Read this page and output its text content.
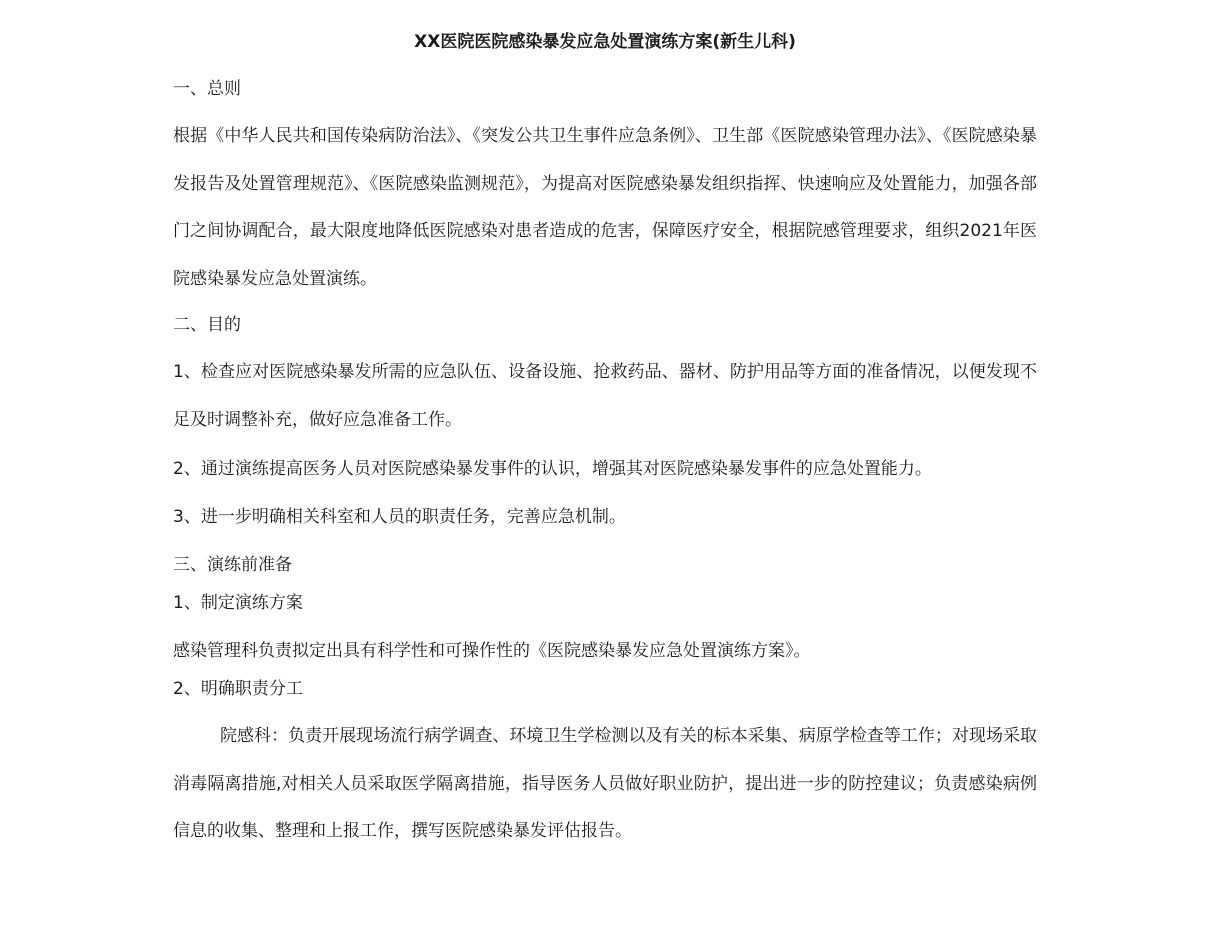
XX医院医院感染暴发应急处置演练方案(新生儿科)

一、总则

根据《中华人民共和国传染病防治法》、《突发公共卫生事件应急条例》、卫生部《医院感染管理办法》、《医院感染暴发报告及处置管理规范》、《医院感染监测规范》，为提高对医院感染暴发组织指挥、快速响应及处置能力，加强各部门之间协调配合，最大限度地降低医院感染对患者造成的危害，保障医疗安全，根据院感管理要求，组织2021年医院感染暴发应急处置演练。

二、目的

1、检查应对医院感染暴发所需的应急队伍、设备设施、抢救药品、器材、防护用品等方面的准备情况，以便发现不足及时调整补充，做好应急准备工作。

2、通过演练提高医务人员对医院感染暴发事件的认识，增强其对医院感染暴发事件的应急处置能力。

3、进一步明确相关科室和人员的职责任务，完善应急机制。

三、演练前准备

1、制定演练方案

感染管理科负责拟定出具有科学性和可操作性的《医院感染暴发应急处置演练方案》。

2、明确职责分工

院感科：负责开展现场流行病学调查、环境卫生学检测以及有关的标本采集、病原学检查等工作；对现场采取消毒隔离措施,对相关人员采取医学隔离措施，指导医务人员做好职业防护，提出进一步的防控建议；负责感染病例信息的收集、整理和上报工作，撰写医院感染暴发评估报告。
